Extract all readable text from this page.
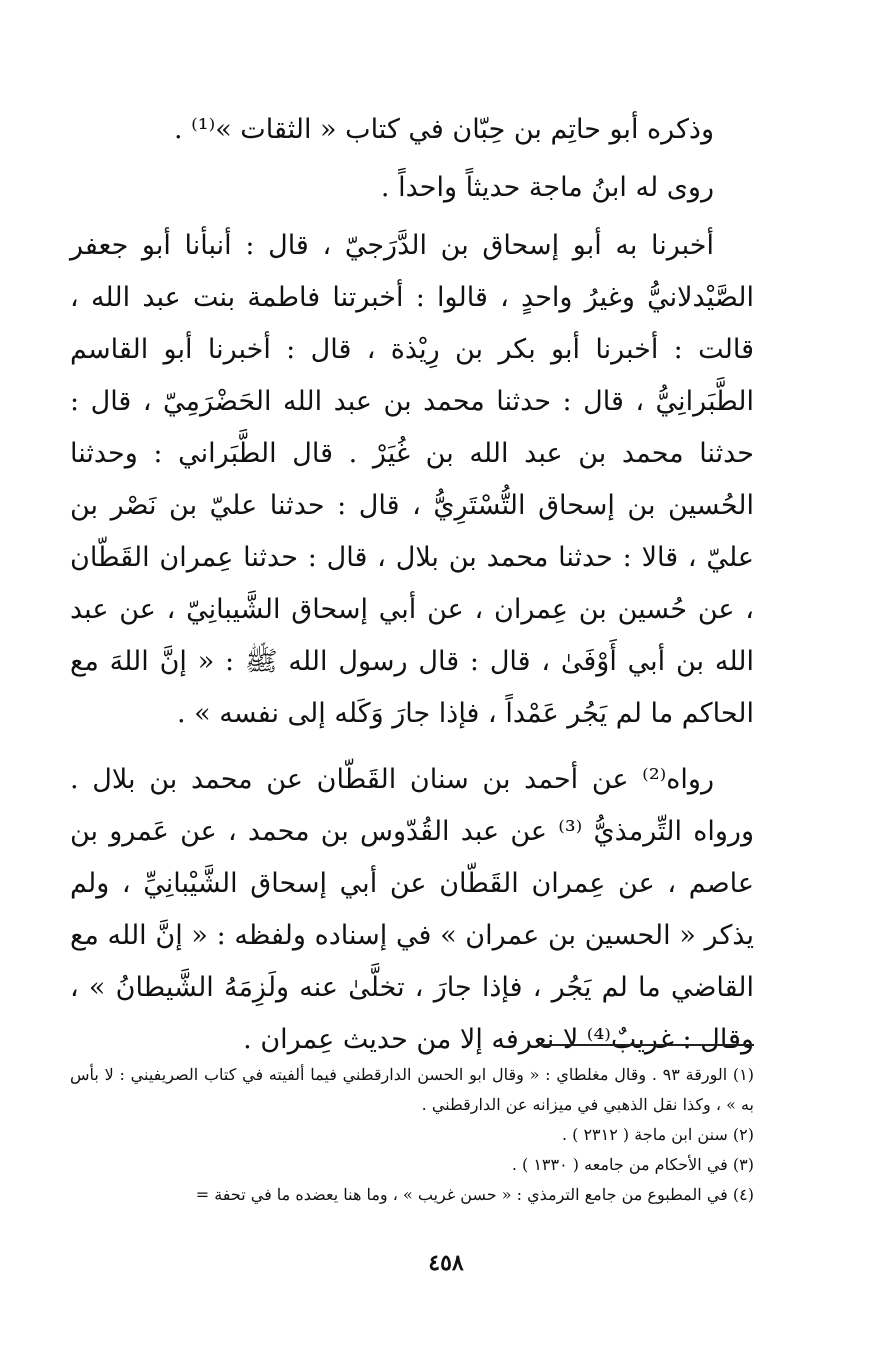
وذكره أبو حاتِم بن حِبّان في كتاب « الثقات »⁽¹⁾ .

روى له ابنُ ماجة حديثاً واحداً .

أخبرنا به أبو إسحاق بن الدَّرَجيّ ، قال : أنبأنا أبو جعفر الصَّيْدلانيُّ وغيرُ واحدٍ ، قالوا : أخبرتنا فاطمة بنت عبد الله ، قالت : أخبرنا أبو بكر بن رِيْذة ، قال : أخبرنا أبو القاسم الطَّبَرانِيُّ ، قال : حدثنا محمد بن عبد الله الحَضْرَمِيّ ، قال : حدثنا محمد بن عبد الله بن غُيَرْ . قال الطَّبَراني : وحدثنا الحُسين بن إسحاق التُّسْتَرِيُّ ، قال : حدثنا عليّ بن نَصْر بن عليّ ، قالا : حدثنا محمد بن بلال ، قال : حدثنا عِمران القَطّان ، عن حُسين بن عِمران ، عن أبي إسحاق الشَّيبانِيّ ، عن عبد الله بن أبي أَوْفَىٰ ، قال : قال رسول الله ﷺ : « إنَّ اللهَ مع الحاكم ما لم يَجُر عَمْداً ، فإذا جارَ وَكَله إلى نفسه » .

رواه⁽²⁾ عن أحمد بن سنان القَطّان عن محمد بن بلال . ورواه التِّرمذيُّ ⁽³⁾ عن عبد القُدّوس بن محمد ، عن عَمرو بن عاصم ، عن عِمران القَطّان عن أبي إسحاق الشَّيْبانِيِّ ، ولم يذكر « الحسين بن عمران » في إسناده ولفظه : « إنَّ الله مع القاضي ما لم يَجُر ، فإذا جارَ ، تخلَّىٰ عنه ولَزِمَهُ الشَّيطانُ » ، وقال : غريبٌ⁽⁴⁾ لا نعرفه إلا من حديث عِمران .

(١) الورقة ٩٣ . وقال مغلطاي : « وقال ابو الحسن الدارقطني فيما ألفيته في كتاب الصريفيني : لا بأس به » ، وكذا نقل الذهبي في ميزانه عن الدارقطني .

(٢) سنن ابن ماجة ( ٢٣١٢ ) .

(٣) في الأحكام من جامعه ( ١٣٣٠ ) .

(٤) في المطبوع من جامع الترمذي : « حسن غريب » ، وما هنا يعضده ما في تحفة =

٤٥٨
